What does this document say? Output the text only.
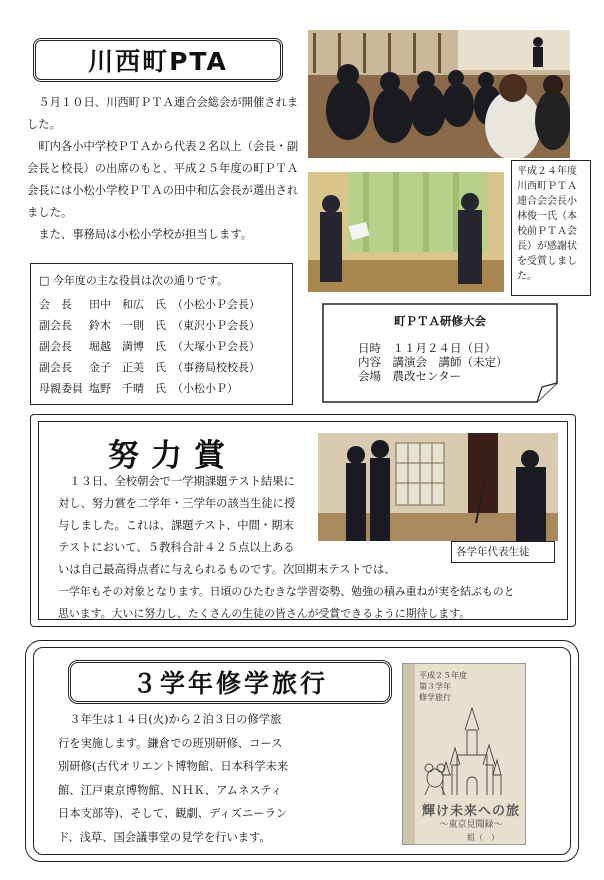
川西町PTA

５月１０日、川西町ＰＴＡ連合会総会が開催されました。

町内各小中学校ＰＴＡから代表２名以上（会長・副会長と校長）の出席のもと、平成２５年度の町ＰＴＡ会長には小松小学校ＰＴＡの田中和広会長が選出されました。

また、事務局は小松小学校が担当します。

平成２４年度川西町ＰＴＡ連合会会長小林俊一氏（本校前ＰＴＡ会長）が感謝状を受賞しました。
□ 今年度の主な役員は次の通りです。
会　長	田中　和広　氏	（小松小Ｐ会長）
副会長	鈴木　一則　氏	（東沢小Ｐ会長）
副会長	堀越　満博　氏	（大塚小Ｐ会長）
副会長	金子　正美　氏	（事務局校校長）
母親委員	塩野　千晴　氏	（小松小Ｐ）
町ＰＴＡ研修大会
日時　 １１月２４日（日）
内容　 講演会　講師（未定）
会場　 農改センター
努力賞
各学年代表生徒
１３日、全校朝会で一学期課題テスト結果に
対し、努力賞を二学年・三学年の該当生徒に授
与しました。これは、課題テスト、中間・期末
テストにおいて、５教科合計４２５点以上ある
いは自己最高得点者に与えられるものです。次回期末テストでは、
一学年もその対象となります。日頃のひたむきな学習姿勢、勉強の積み重ねが実を結ぶものと
思います。大いに努力し、たくさんの生徒の皆さんが受賞できるように期待します。
３学年修学旅行
３年生は１４日(火)から２泊３日の修学旅
行を実施します。鎌倉での班別研修、コース
別研修(古代オリエント博物館、日本科学未来
館、江戸東京博物館、ＮＨＫ、アムネスティ
日本支部等)、そして、観劇、ディズニーラン
ド、浅草、国会議事堂の見学を行います。
平成２５年度
第３学年
修学旅行
輝け未来への旅
〜東京見聞録〜
組（　）
